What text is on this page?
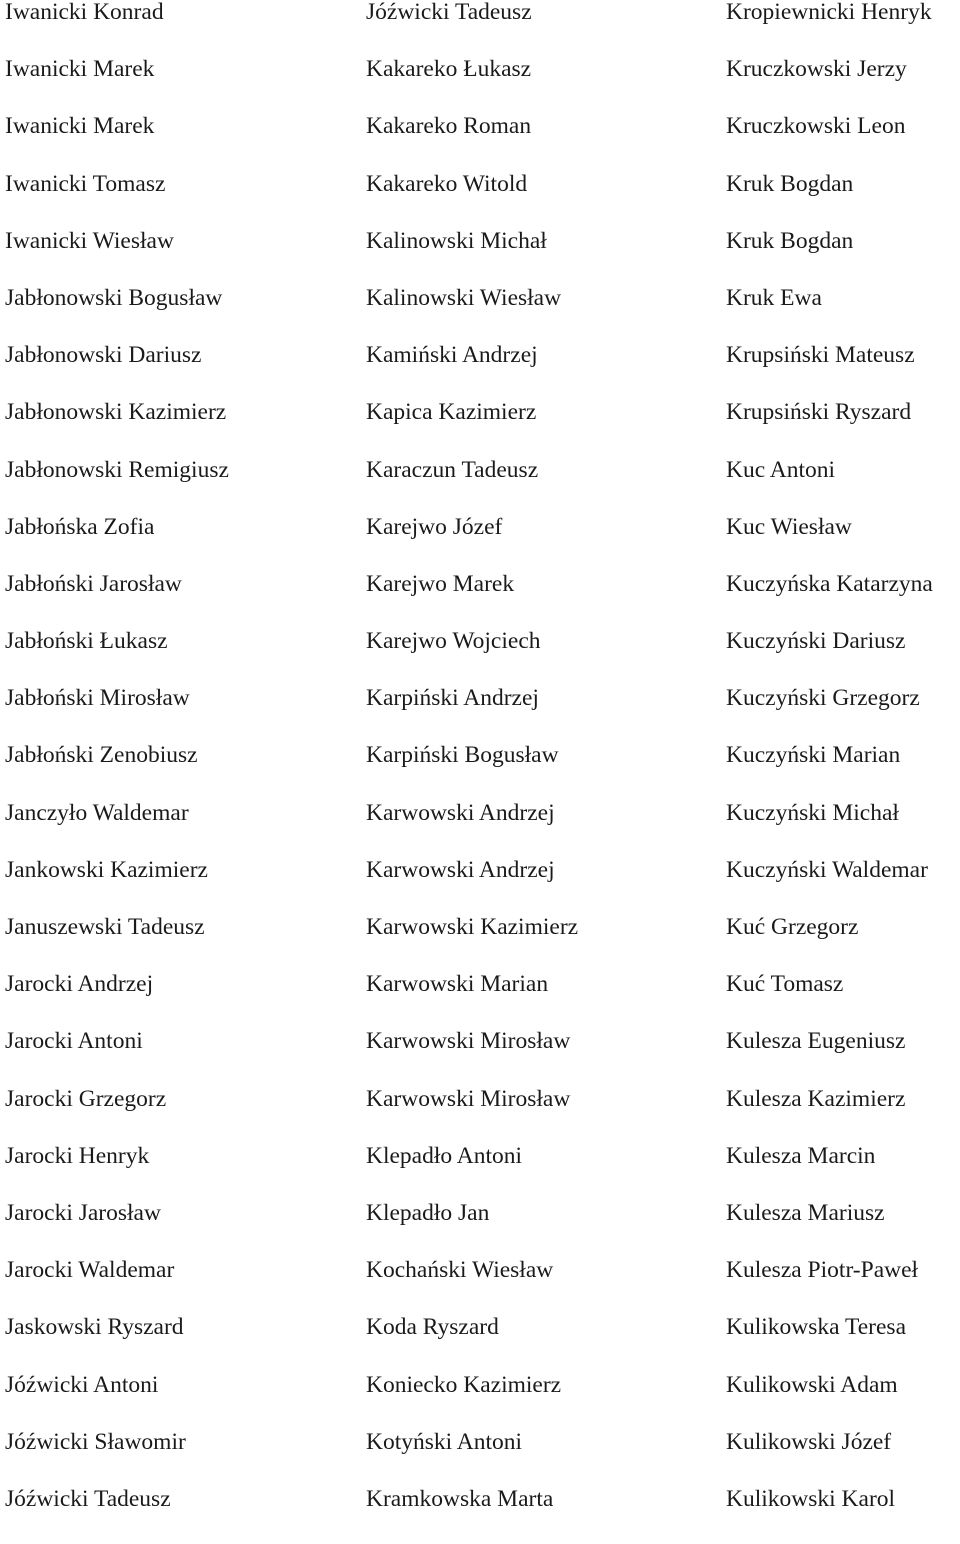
Iwanicki Konrad
Iwanicki Marek
Iwanicki Marek
Iwanicki Tomasz
Iwanicki Wiesław
Jabłonowski Bogusław
Jabłonowski Dariusz
Jabłonowski Kazimierz
Jabłonowski Remigiusz
Jabłońska Zofia
Jabłoński Jarosław
Jabłoński Łukasz
Jabłoński Mirosław
Jabłoński Zenobiusz
Janczyło Waldemar
Jankowski Kazimierz
Januszewski Tadeusz
Jarocki Andrzej
Jarocki Antoni
Jarocki Grzegorz
Jarocki Henryk
Jarocki Jarosław
Jarocki Waldemar
Jaskowski Ryszard
Jóźwicki Antoni
Jóźwicki Sławomir
Jóźwicki Tadeusz
Jóźwicki Tadeusz
Kakareko Łukasz
Kakareko Roman
Kakareko Witold
Kalinowski Michał
Kalinowski Wiesław
Kamiński Andrzej
Kapica Kazimierz
Karaczun Tadeusz
Karejwo Józef
Karejwo Marek
Karejwo Wojciech
Karpiński Andrzej
Karpiński Bogusław
Karwowski Andrzej
Karwowski Andrzej
Karwowski Kazimierz
Karwowski Marian
Karwowski Mirosław
Karwowski Mirosław
Klepadło Antoni
Klepadło Jan
Kochański Wiesław
Koda Ryszard
Koniecko Kazimierz
Kotyński Antoni
Kramkowska Marta
Kropiewnicki Henryk
Kruczkowski Jerzy
Kruczkowski Leon
Kruk Bogdan
Kruk Bogdan
Kruk Ewa
Krupsiński Mateusz
Krupsiński Ryszard
Kuc Antoni
Kuc Wiesław
Kuczyńska Katarzyna
Kuczyński Dariusz
Kuczyński Grzegorz
Kuczyński Marian
Kuczyński Michał
Kuczyński Waldemar
Kuć Grzegorz
Kuć Tomasz
Kulesza Eugeniusz
Kulesza Kazimierz
Kulesza Marcin
Kulesza Mariusz
Kulesza Piotr-Paweł
Kulikowska Teresa
Kulikowski Adam
Kulikowski Józef
Kulikowski Karol
